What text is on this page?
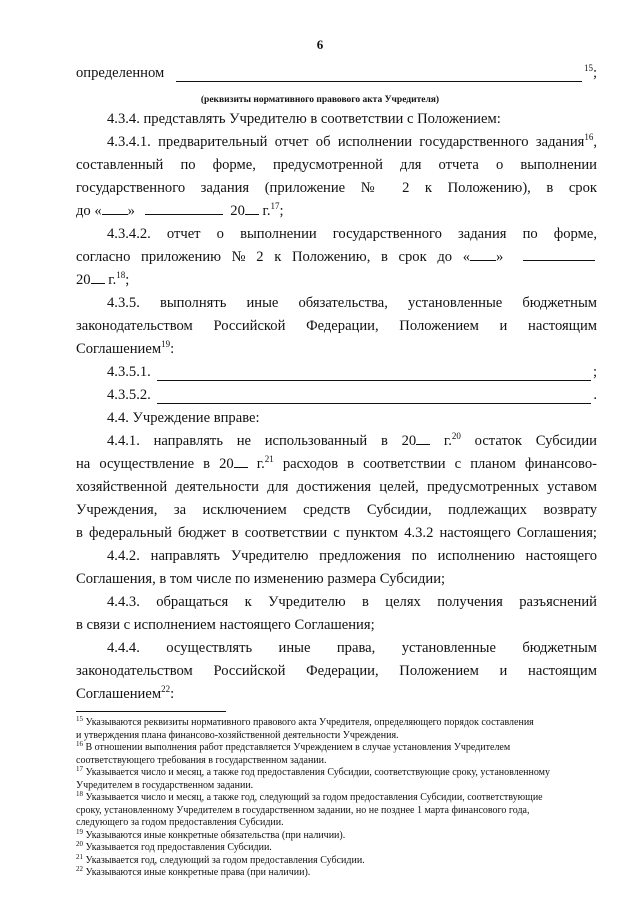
6
определенном	$^{15}$ ;
(реквизиты нормативного правового акта Учредителя)
4.3.4. представлять Учредителю в соответствии с Положением:
4.3.4.1. предварительный отчет об исполнении государственного задания$^{16}$,
составленный по форме, предусмотренной для отчета о выполнении
государственного задания (приложение № 2 к Положению), в срок
до « »	20 г.$^{17}$;
4.3.4.2. отчет о выполнении государственного задания по форме,
согласно приложению № 2 к Положению, в срок до « »
20 г.$^{18}$;
4.3.5. выполнять иные обязательства, установленные бюджетным
законодательством Российской Федерации, Положением и настоящим
Соглашением$^{19}$:
4.3.5.1.	;
4.3.5.2.	.
4.4. Учреждение вправе:
4.4.1. направлять не использованный в 20 г.$^{20}$ остаток Субсидии
на осуществление в 20 г.$^{21}$ расходов в соответствии с планом финансово-
хозяйственной деятельности для достижения целей, предусмотренных уставом
Учреждения, за исключением средств Субсидии, подлежащих возврату
в федеральный бюджет в соответствии с пунктом 4.3.2 настоящего Соглашения;
4.4.2. направлять Учредителю предложения по исполнению настоящего
Соглашения, в том числе по изменению размера Субсидии;
4.4.3. обращаться к Учредителю в целях получения разъяснений
в связи с исполнением настоящего Соглашения;
4.4.4. осуществлять иные права, установленные бюджетным
законодательством Российской Федерации, Положением и настоящим
Соглашением$^{22}$:
$^{15}$ Указываются реквизиты нормативного правового акта Учредителя, определяющего порядок составления
и утверждения плана финансово-хозяйственной деятельности Учреждения.
$^{16}$ В отношении выполнения работ представляется Учреждением в случае установления Учредителем
соответствующего требования в государственном задании.
$^{17}$ Указывается число и месяц, а также год предоставления Субсидии, соответствующие сроку, установленному
Учредителем в государственном задании.
$^{18}$ Указывается число и месяц, а также год, следующий за годом предоставления Субсидии, соответствующие
сроку, установленному Учредителем в государственном задании, но не позднее 1 марта финансового года,
следующего за годом предоставления Субсидии.
$^{19}$ Указываются иные конкретные обязательства (при наличии).
$^{20}$ Указывается год предоставления Субсидии.
$^{21}$ Указывается год, следующий за годом предоставления Субсидии.
$^{22}$ Указываются иные конкретные права (при наличии).
